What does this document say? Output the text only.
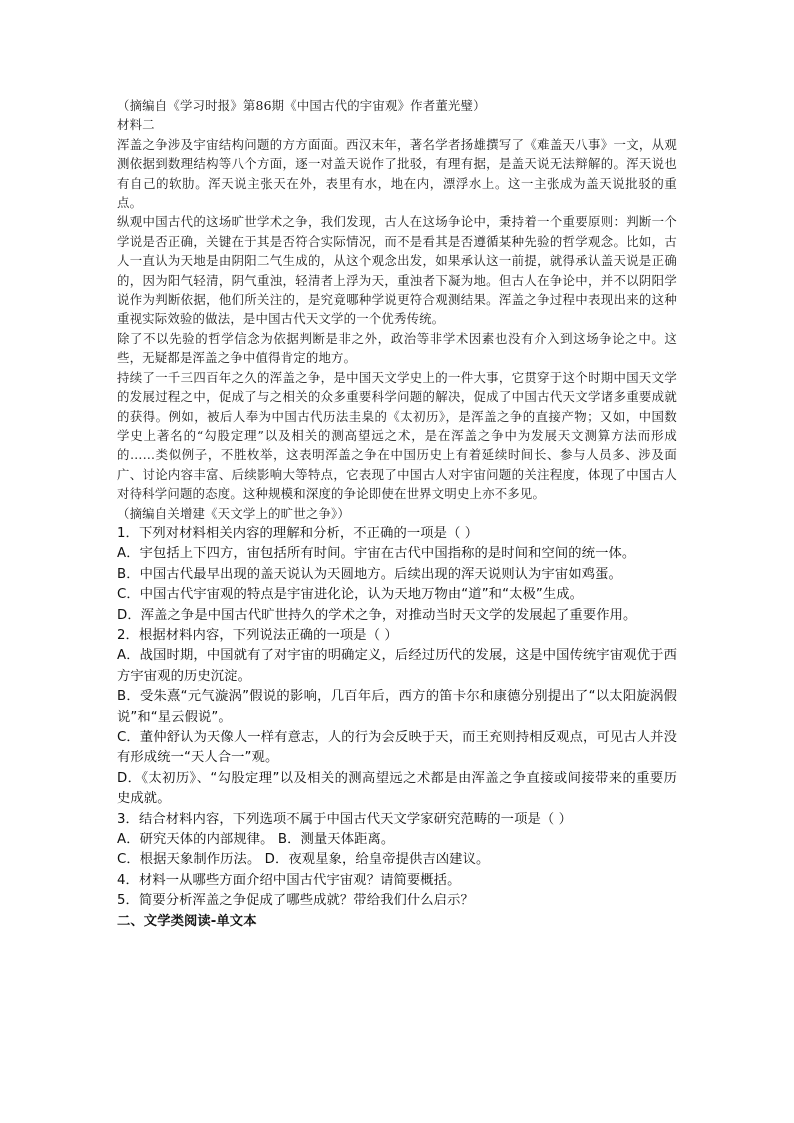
（摘编自《学习时报》第86期《中国古代的宇宙观》作者董光璧）

材料二

浑盖之争涉及宇宙结构问题的方方面面。西汉末年，著名学者扬雄撰写了《难盖天八事》一文，从观测依据到数理结构等八个方面，逐一对盖天说作了批驳，有理有据，是盖天说无法辩解的。浑天说也有自己的软肋。浑天说主张天在外，表里有水，地在内，漂浮水上。这一主张成为盖天说批驳的重点。

纵观中国古代的这场旷世学术之争，我们发现，古人在这场争论中，秉持着一个重要原则：判断一个学说是否正确，关键在于其是否符合实际情况，而不是看其是否遵循某种先验的哲学观念。比如，古人一直认为天地是由阴阳二气生成的，从这个观念出发，如果承认这一前提，就得承认盖天说是正确的，因为阳气轻清，阴气重浊，轻清者上浮为天，重浊者下凝为地。但古人在争论中，并不以阴阳学说作为判断依据，他们所关注的，是究竟哪种学说更符合观测结果。浑盖之争过程中表现出来的这种重视实际效验的做法，是中国古代天文学的一个优秀传统。

除了不以先验的哲学信念为依据判断是非之外，政治等非学术因素也没有介入到这场争论之中。这些，无疑都是浑盖之争中值得肯定的地方。

持续了一千三四百年之久的浑盖之争，是中国天文学史上的一件大事，它贯穿于这个时期中国天文学的发展过程之中，促成了与之相关的众多重要科学问题的解决，促成了中国古代天文学诸多重要成就的获得。例如，被后人奉为中国古代历法圭臬的《太初历》，是浑盖之争的直接产物；又如，中国数学史上著名的“勾股定理”以及相关的测高望远之术，是在浑盖之争中为发展天文测算方法而形成的……类似例子，不胜枚举，这表明浑盖之争在中国历史上有着延续时间长、参与人员多、涉及面广、讨论内容丰富、后续影响大等特点，它表现了中国古人对宇宙问题的关注程度，体现了中国古人对待科学问题的态度。这种规模和深度的争论即使在世界文明史上亦不多见。

（摘编自关增建《天文学上的旷世之争》）

1．下列对材料相关内容的理解和分析，不正确的一项是（ ）

A．宇包括上下四方，宙包括所有时间。宇宙在古代中国指称的是时间和空间的统一体。

B．中国古代最早出现的盖天说认为天圆地方。后续出现的浑天说则认为宇宙如鸡蛋。

C．中国古代宇宙观的特点是宇宙进化论，认为天地万物由“道”和“太极”生成。

D．浑盖之争是中国古代旷世持久的学术之争，对推动当时天文学的发展起了重要作用。

2．根据材料内容，下列说法正确的一项是（ ）

A．战国时期，中国就有了对宇宙的明确定义，后经过历代的发展，这是中国传统宇宙观优于西方宇宙观的历史沉淀。

B．受朱熹“元气漩涡”假说的影响，几百年后，西方的笛卡尔和康德分别提出了“以太阳旋涡假说”和“星云假说”。

C．董仲舒认为天像人一样有意志，人的行为会反映于天，而王充则持相反观点，可见古人并没有形成统一“天人合一”观。

D．《太初历》、“勾股定理”以及相关的测高望远之术都是由浑盖之争直接或间接带来的重要历史成就。

3．结合材料内容，下列选项不属于中国古代天文学家研究范畴的一项是（ ）

A．研究天体的内部规律。 B．测量天体距离。

C．根据天象制作历法。 D．夜观星象，给皇帝提供吉凶建议。

4．材料一从哪些方面介绍中国古代宇宙观？请简要概括。

5．简要分析浑盖之争促成了哪些成就？带给我们什么启示？

二、文学类阅读-单文本
